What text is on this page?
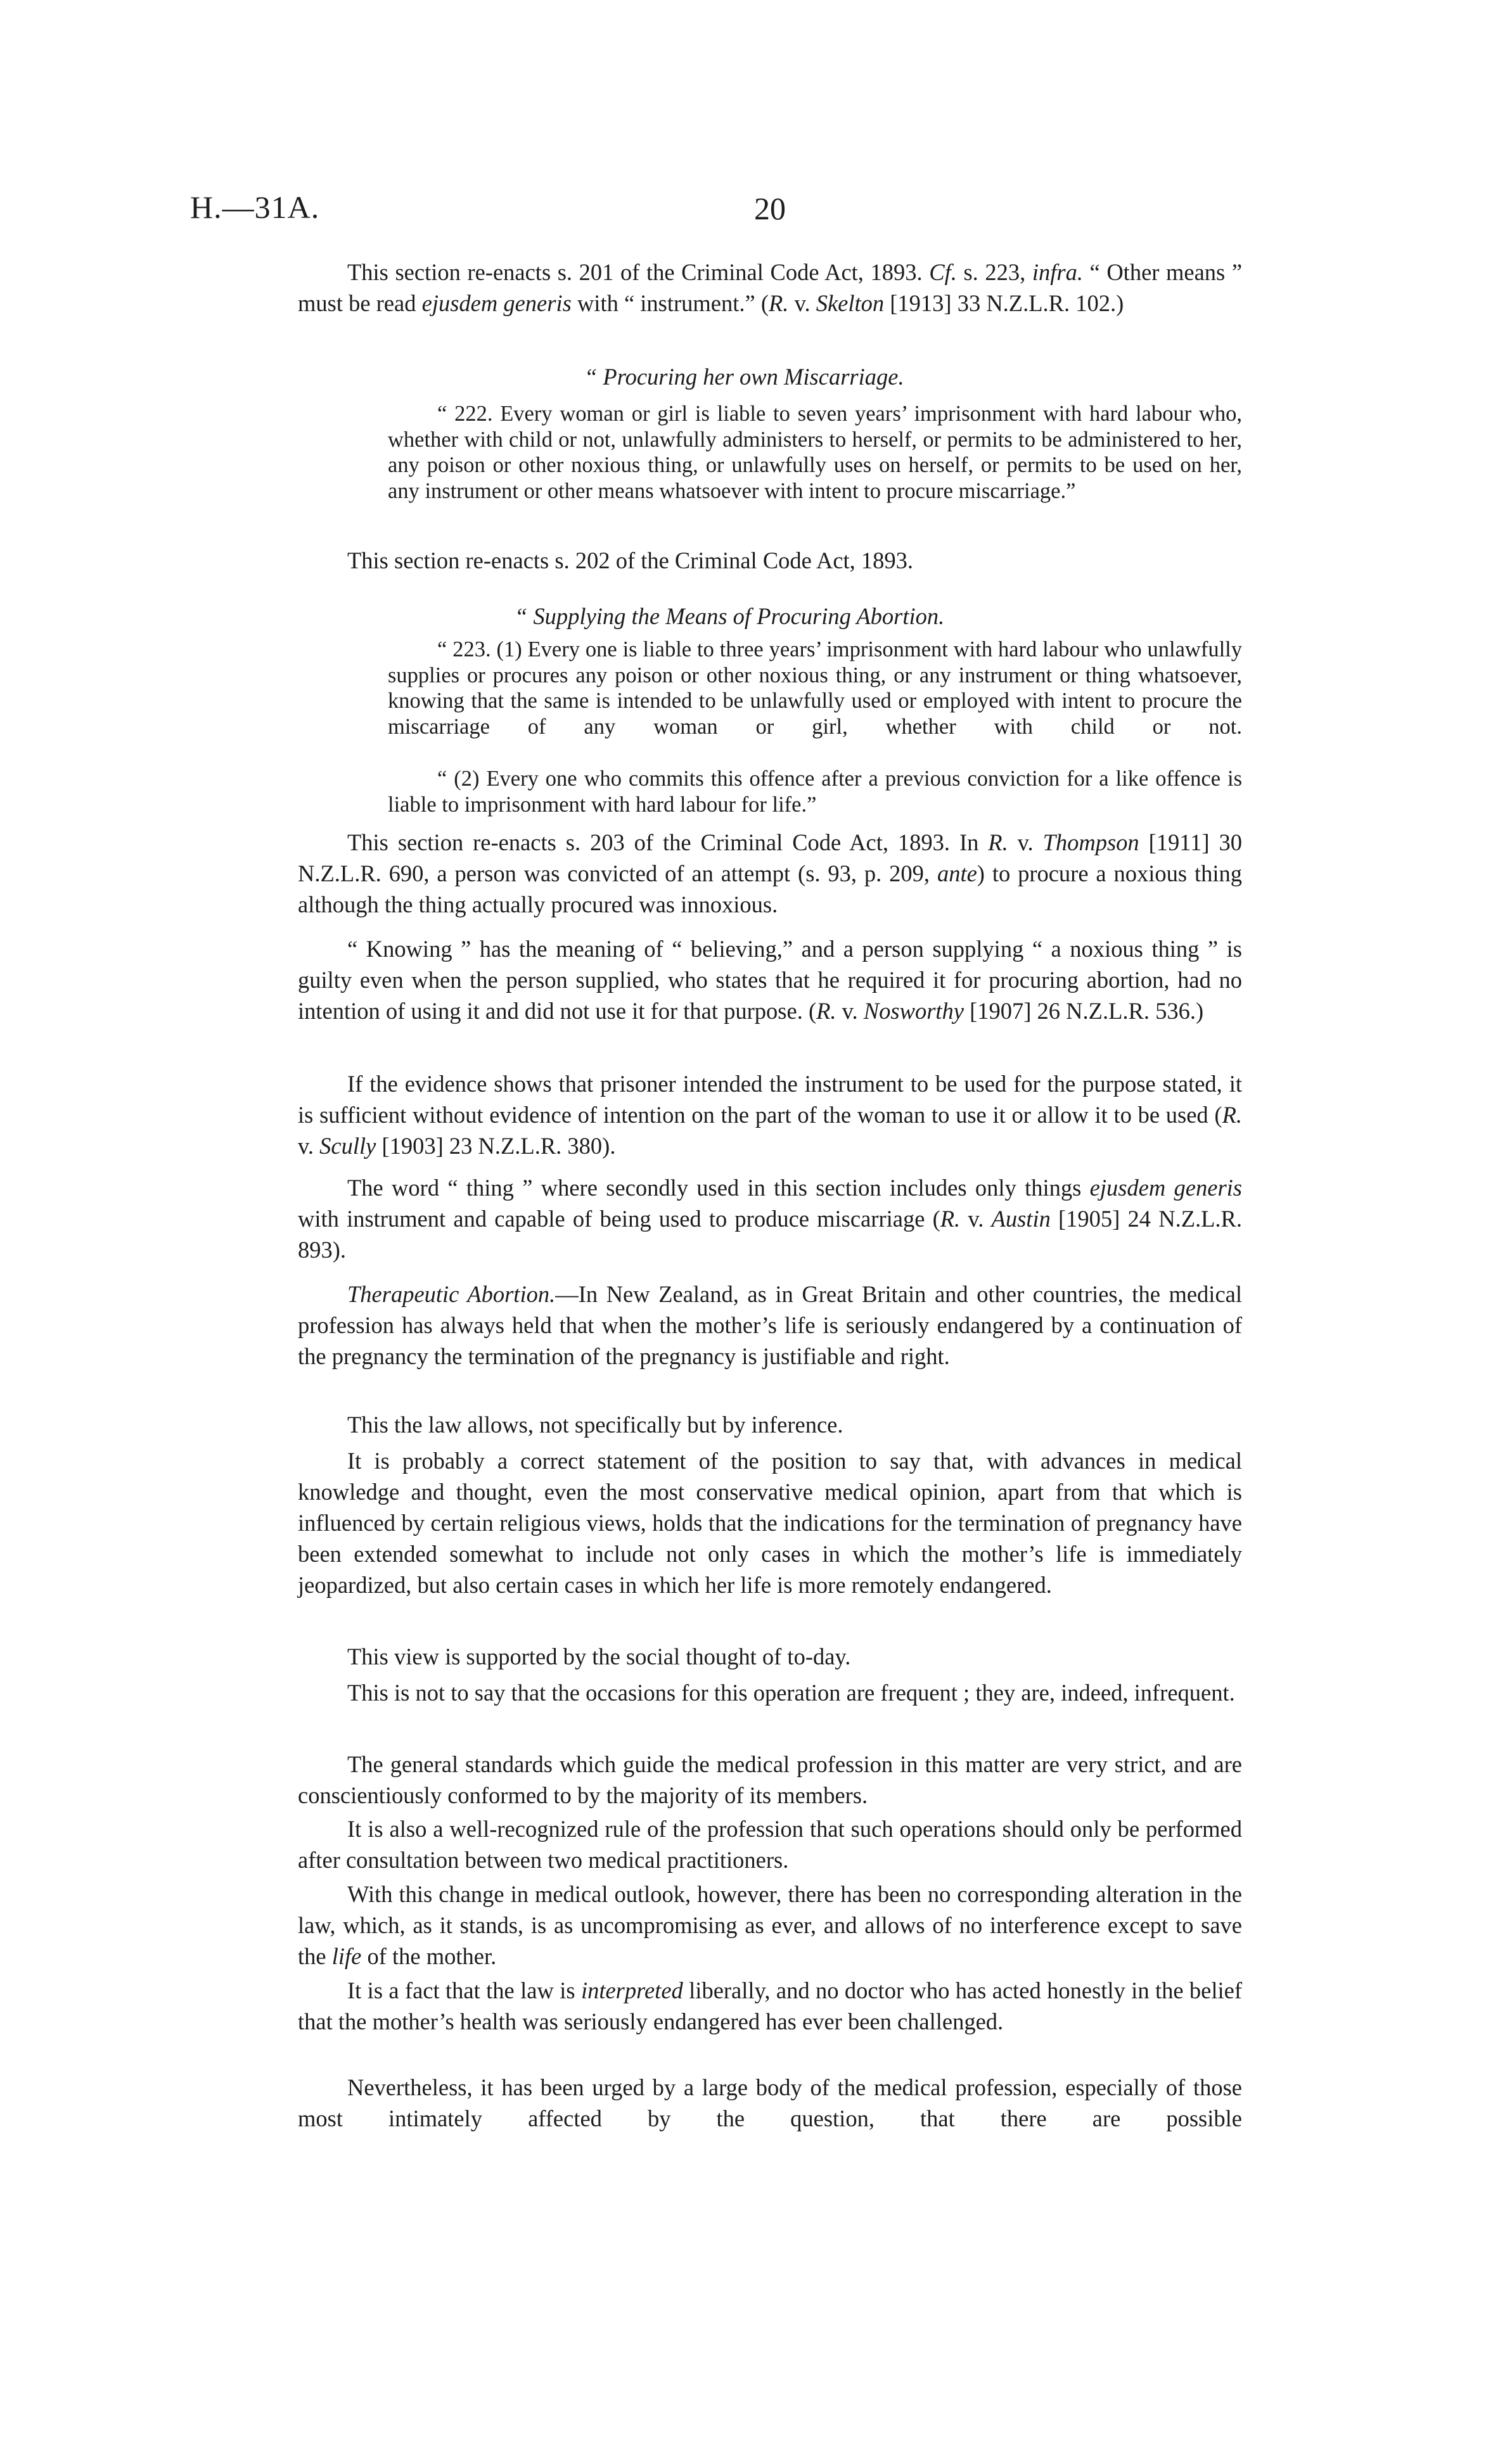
H.—31A.	20

This section re-enacts s. 201 of the Criminal Code Act, 1893. Cf. s. 223, infra. “ Other means ” must be read ejusdem generis with “ instrument.” (R. v. Skelton [1913] 33 N.Z.L.R. 102.)

“ Procuring her own Miscarriage.

“ 222. Every woman or girl is liable to seven years’ imprisonment with hard labour who, whether with child or not, unlawfully administers to herself, or permits to be administered to her, any poison or other noxious thing, or unlawfully uses on herself, or permits to be used on her, any instrument or other means whatsoever with intent to procure miscarriage.”

This section re-enacts s. 202 of the Criminal Code Act, 1893.

“ Supplying the Means of Procuring Abortion.

“ 223. (1) Every one is liable to three years’ imprisonment with hard labour who unlawfully supplies or procures any poison or other noxious thing, or any instrument or thing whatsoever, knowing that the same is intended to be unlawfully used or employed with intent to procure the miscarriage of any woman or girl, whether with child or not.

“ (2) Every one who commits this offence after a previous conviction for a like offence is liable to imprisonment with hard labour for life.”

This section re-enacts s. 203 of the Criminal Code Act, 1893. In R. v. Thompson [1911] 30 N.Z.L.R. 690, a person was convicted of an attempt (s. 93, p. 209, ante) to procure a noxious thing although the thing actually procured was innoxious.

“ Knowing ” has the meaning of “ believing,” and a person supplying “ a noxious thing ” is guilty even when the person supplied, who states that he required it for procuring abortion, had no intention of using it and did not use it for that purpose. (R. v. Nosworthy [1907] 26 N.Z.L.R. 536.)

If the evidence shows that prisoner intended the instrument to be used for the purpose stated, it is sufficient without evidence of intention on the part of the woman to use it or allow it to be used (R. v. Scully [1903] 23 N.Z.L.R. 380).

The word “ thing ” where secondly used in this section includes only things ejusdem generis with instrument and capable of being used to produce miscarriage (R. v. Austin [1905] 24 N.Z.L.R. 893).

Therapeutic Abortion.—In New Zealand, as in Great Britain and other countries, the medical profession has always held that when the mother’s life is seriously endangered by a continuation of the pregnancy the termination of the pregnancy is justifiable and right.

This the law allows, not specifically but by inference.

It is probably a correct statement of the position to say that, with advances in medical knowledge and thought, even the most conservative medical opinion, apart from that which is influenced by certain religious views, holds that the indications for the termination of pregnancy have been extended somewhat to include not only cases in which the mother’s life is immediately jeopardized, but also certain cases in which her life is more remotely endangered.

This view is supported by the social thought of to-day.

This is not to say that the occasions for this operation are frequent ; they are, indeed, infrequent.

The general standards which guide the medical profession in this matter are very strict, and are conscientiously conformed to by the majority of its members.

It is also a well-recognized rule of the profession that such operations should only be performed after consultation between two medical practitioners.

With this change in medical outlook, however, there has been no corresponding alteration in the law, which, as it stands, is as uncompromising as ever, and allows of no interference except to save the life of the mother.

It is a fact that the law is interpreted liberally, and no doctor who has acted honestly in the belief that the mother’s health was seriously endangered has ever been challenged.

Nevertheless, it has been urged by a large body of the medical profession, especially of those most intimately affected by the question, that there are possible
